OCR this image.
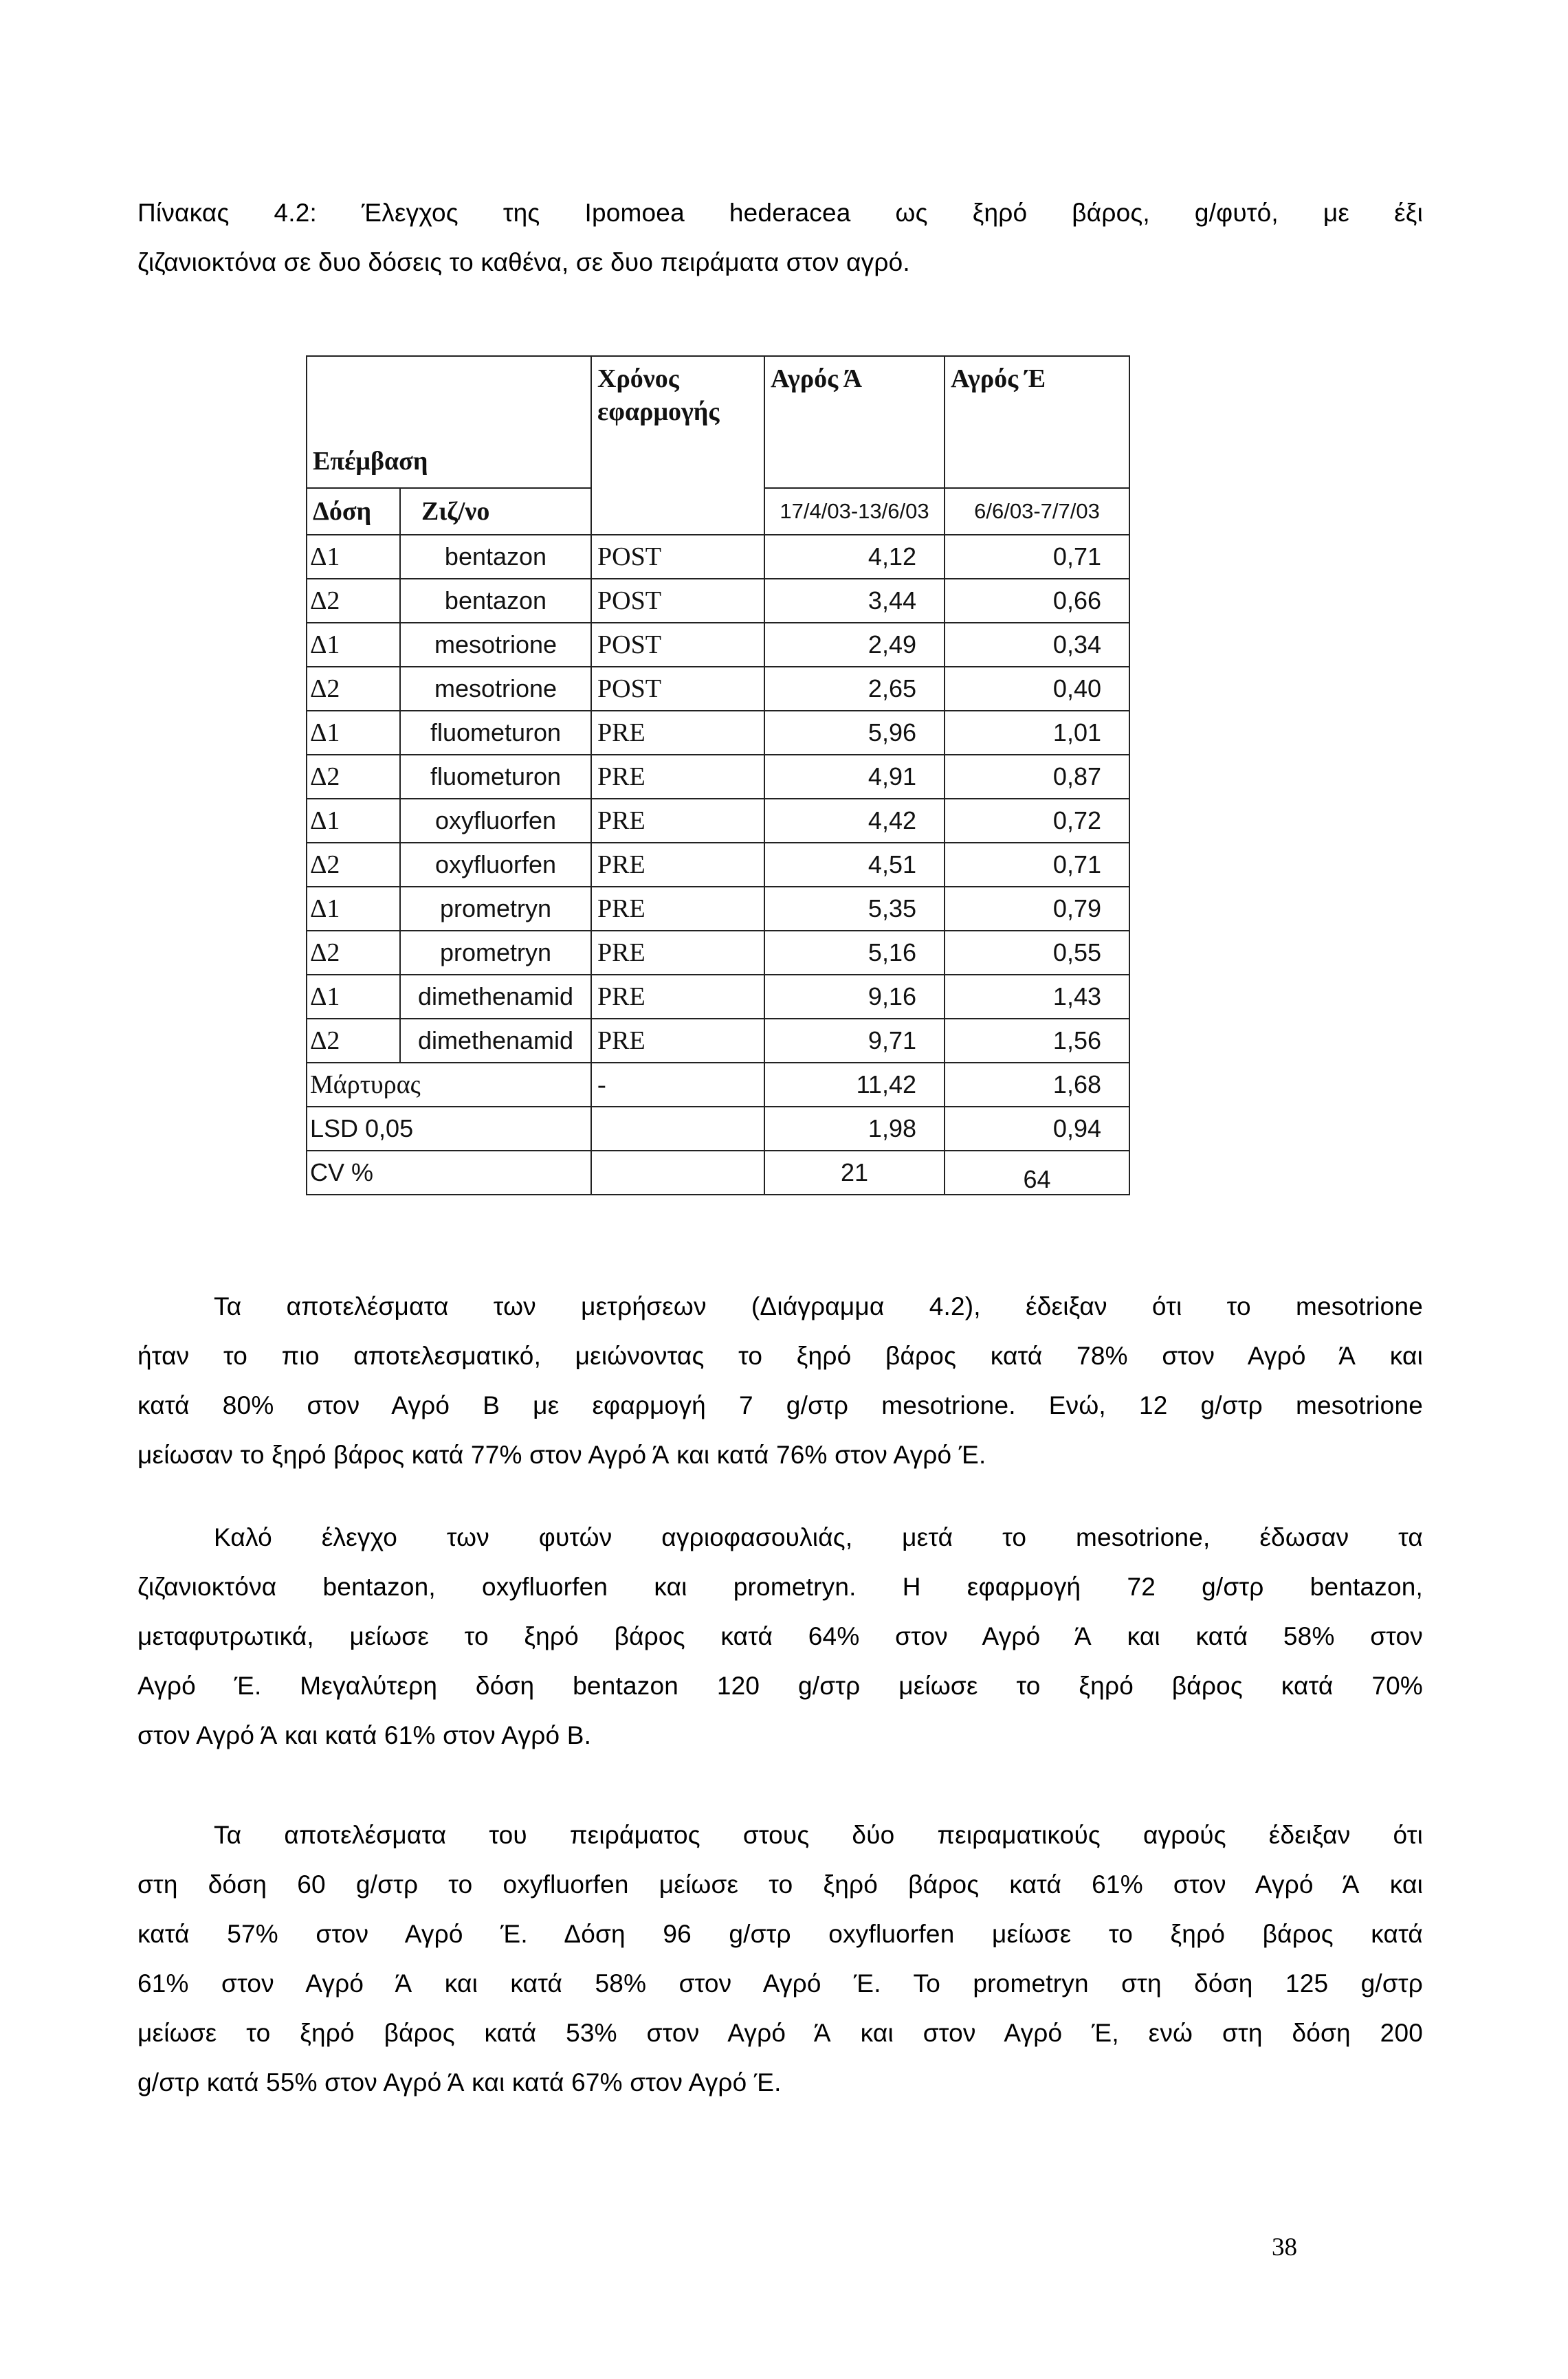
Πίνακας 4.2: Έλεγχος της Ipomoea hederacea ως ξηρό βάρος, g/φυτό, με έξι
ζιζανιοκτόνα σε δυο δόσεις το καθένα, σε δυο πειράματα στον αγρό.

Επέμβαση		Χρόνος εφαρμογής	Αγρός Ά	Αγρός Έ
Δόση	Ζιζ/νο		17/4/03-13/6/03	6/6/03-7/7/03
Δ1	bentazon	POST	4,12	0,71
Δ2	bentazon	POST	3,44	0,66
Δ1	mesotrione	POST	2,49	0,34
Δ2	mesotrione	POST	2,65	0,40
Δ1	fluometuron	PRE	5,96	1,01
Δ2	fluometuron	PRE	4,91	0,87
Δ1	oxyfluorfen	PRE	4,42	0,72
Δ2	oxyfluorfen	PRE	4,51	0,71
Δ1	prometryn	PRE	5,35	0,79
Δ2	prometryn	PRE	5,16	0,55
Δ1	dimethenamid	PRE	9,16	1,43
Δ2	dimethenamid	PRE	9,71	1,56
Μάρτυρας		-	11,42	1,68
LSD 0,05			1,98	0,94
CV %			21	64

Τα αποτελέσματα των μετρήσεων (Διάγραμμα 4.2), έδειξαν ότι το mesotrione
ήταν το πιο αποτελεσματικό, μειώνοντας το ξηρό βάρος κατά 78% στον Αγρό Ά και
κατά 80% στον Αγρό Β με εφαρμογή 7 g/στρ mesotrione. Ενώ, 12 g/στρ mesotrione
μείωσαν το ξηρό βάρος κατά 77% στον Αγρό Ά και κατά 76% στον Αγρό Έ.

Καλό έλεγχο των φυτών αγριοφασουλιάς, μετά το mesotrione, έδωσαν τα
ζιζανιοκτόνα bentazon, oxyfluorfen και prometryn. Η εφαρμογή 72 g/στρ bentazon,
μεταφυτρωτικά, μείωσε το ξηρό βάρος κατά 64% στον Αγρό Ά και κατά 58% στον
Αγρό Έ. Μεγαλύτερη δόση bentazon 120 g/στρ μείωσε το ξηρό βάρος κατά 70%
στον Αγρό Ά και κατά 61% στον Αγρό Β.

Τα αποτελέσματα του πειράματος στους δύο πειραματικούς αγρούς έδειξαν ότι
στη δόση 60 g/στρ το oxyfluorfen μείωσε το ξηρό βάρος κατά 61% στον Αγρό Ά και
κατά 57% στον Αγρό Έ. Δόση 96 g/στρ oxyfluorfen μείωσε το ξηρό βάρος κατά
61% στον Αγρό Ά και κατά 58% στον Αγρό Έ. Το prometryn στη δόση 125 g/στρ
μείωσε το ξηρό βάρος κατά 53% στον Αγρό Ά και στον Αγρό Έ, ενώ στη δόση 200
g/στρ κατά 55% στον Αγρό Ά και κατά 67% στον Αγρό Έ.

38
